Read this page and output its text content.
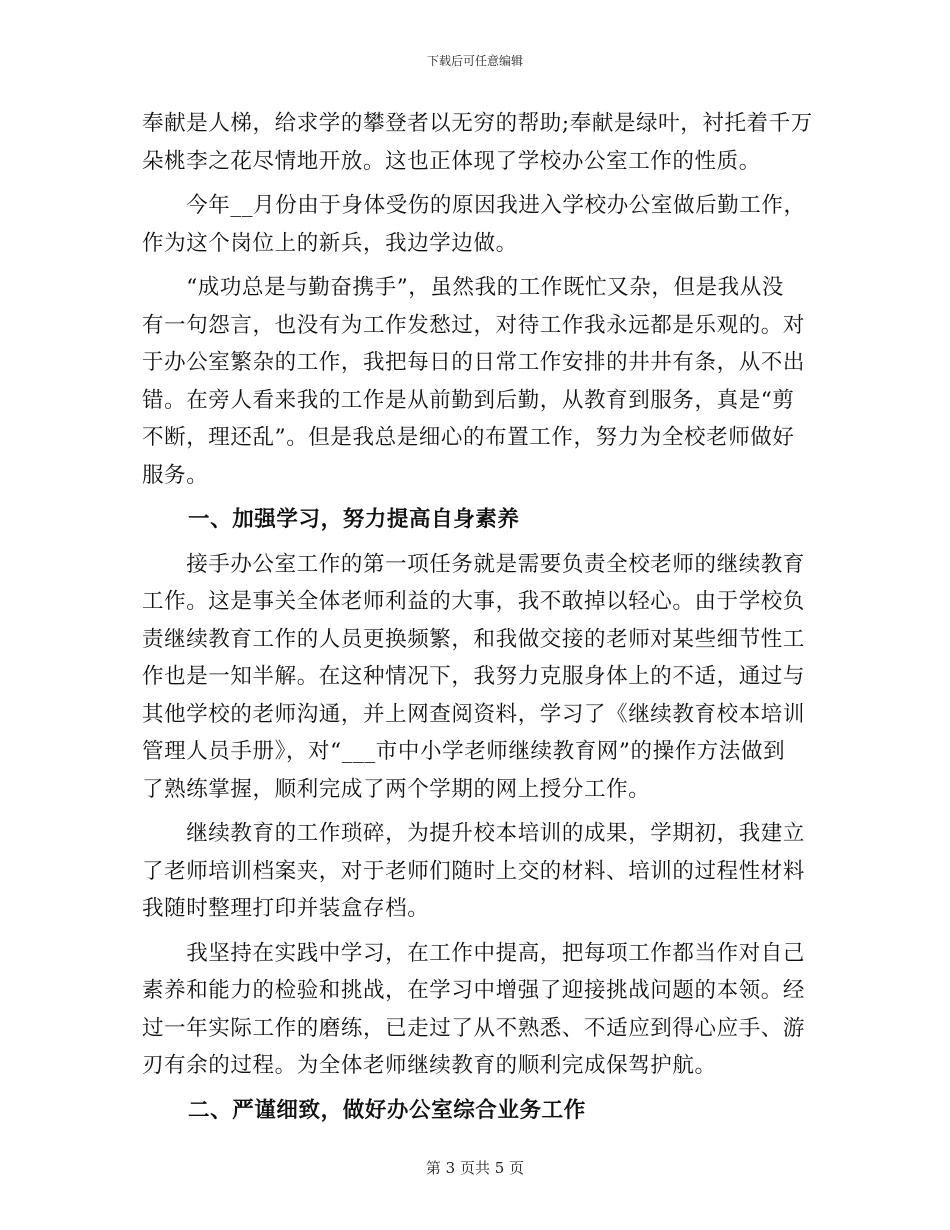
下载后可任意编辑
奉献是人梯，给求学的攀登者以无穷的帮助;奉献是绿叶，衬托着千万
朵桃李之花尽情地开放。这也正体现了学校办公室工作的性质。
　　今年__月份由于身体受伤的原因我进入学校办公室做后勤工作，
作为这个岗位上的新兵，我边学边做。
　　“成功总是与勤奋携手”，虽然我的工作既忙又杂，但是我从没
有一句怨言，也没有为工作发愁过，对待工作我永远都是乐观的。对
于办公室繁杂的工作，我把每日的日常工作安排的井井有条，从不出
错。在旁人看来我的工作是从前勤到后勤，从教育到服务，真是“剪
不断，理还乱”。但是我总是细心的布置工作，努力为全校老师做好
服务。
一、加强学习，努力提高自身素养
　　接手办公室工作的第一项任务就是需要负责全校老师的继续教育
工作。这是事关全体老师利益的大事，我不敢掉以轻心。由于学校负
责继续教育工作的人员更换频繁，和我做交接的老师对某些细节性工
作也是一知半解。在这种情况下，我努力克服身体上的不适，通过与
其他学校的老师沟通，并上网查阅资料，学习了《继续教育校本培训
管理人员手册》，对“___市中小学老师继续教育网”的操作方法做到
了熟练掌握，顺利完成了两个学期的网上授分工作。
　　继续教育的工作琐碎，为提升校本培训的成果，学期初，我建立
了老师培训档案夹，对于老师们随时上交的材料、培训的过程性材料
我随时整理打印并装盒存档。
　　我坚持在实践中学习，在工作中提高，把每项工作都当作对自己
素养和能力的检验和挑战，在学习中增强了迎接挑战问题的本领。经
过一年实际工作的磨练，已走过了从不熟悉、不适应到得心应手、游
刃有余的过程。为全体老师继续教育的顺利完成保驾护航。
二、严谨细致，做好办公室综合业务工作
第 3 页共 5 页
